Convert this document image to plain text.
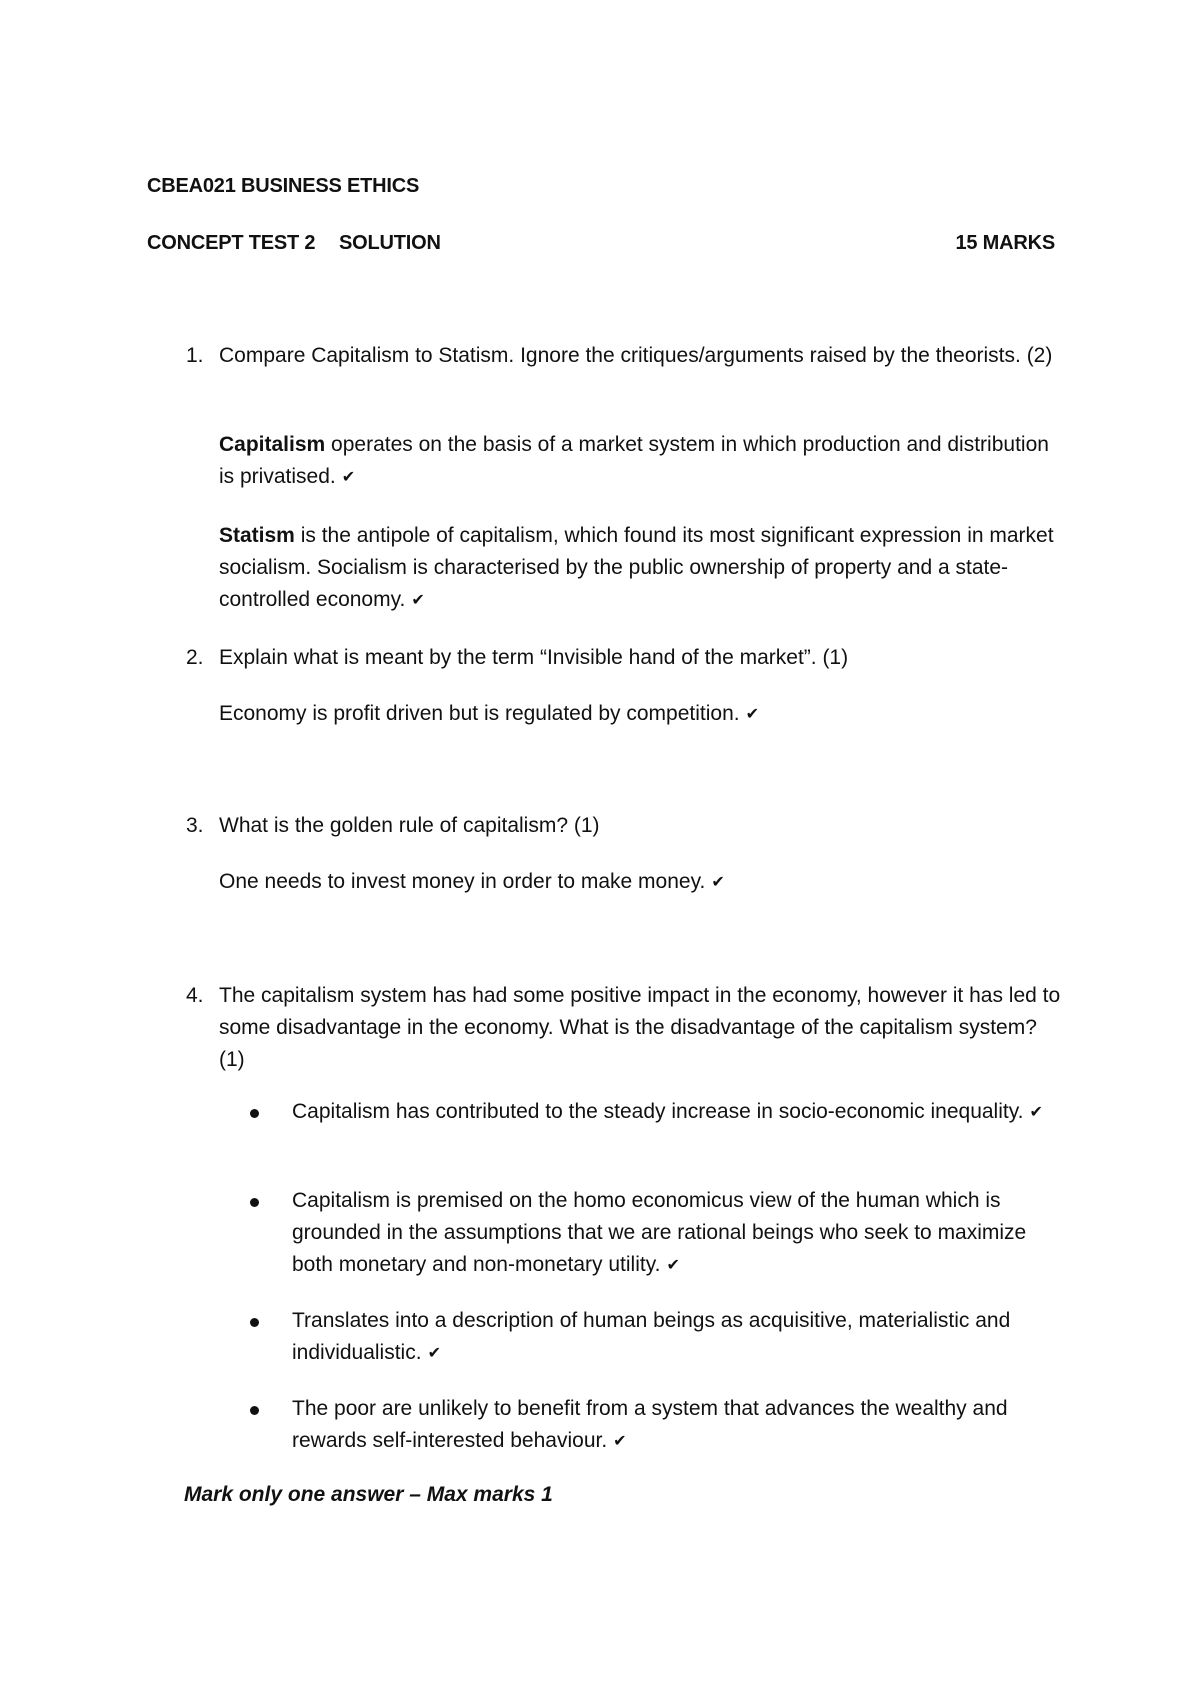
CBEA021 BUSINESS ETHICS
CONCEPT TEST 2 SOLUTION	15 MARKS
1. Compare Capitalism to Statism. Ignore the critiques/arguments raised by the theorists. (2)
Capitalism operates on the basis of a market system in which production and distribution is privatised. ✔
Statism is the antipole of capitalism, which found its most significant expression in market socialism. Socialism is characterised by the public ownership of property and a state-controlled economy. ✔
2. Explain what is meant by the term “Invisible hand of the market”. (1)
Economy is profit driven but is regulated by competition. ✔
3. What is the golden rule of capitalism? (1)
One needs to invest money in order to make money. ✔
4. The capitalism system has had some positive impact in the economy, however it has led to some disadvantage in the economy. What is the disadvantage of the capitalism system? (1)
Capitalism has contributed to the steady increase in socio-economic inequality. ✔
Capitalism is premised on the homo economicus view of the human which is grounded in the assumptions that we are rational beings who seek to maximize both monetary and non-monetary utility. ✔
Translates into a description of human beings as acquisitive, materialistic and individualistic. ✔
The poor are unlikely to benefit from a system that advances the wealthy and rewards self-interested behaviour. ✔
Mark only one answer – Max marks 1
